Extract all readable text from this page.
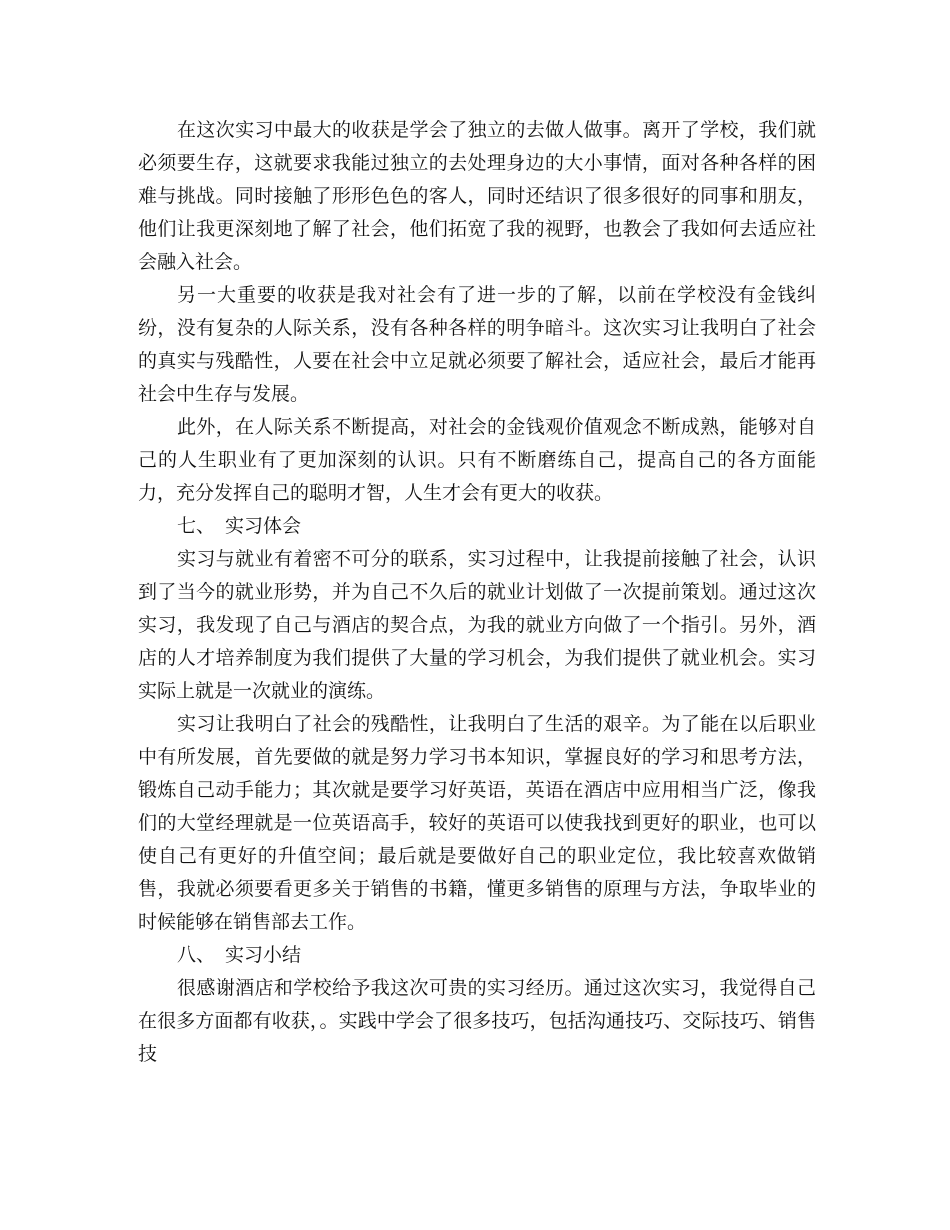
在这次实习中最大的收获是学会了独立的去做人做事。离开了学校，我们就必须要生存，这就要求我能过独立的去处理身边的大小事情，面对各种各样的困难与挑战。同时接触了形形色色的客人，同时还结识了很多很好的同事和朋友，他们让我更深刻地了解了社会，他们拓宽了我的视野，也教会了我如何去适应社会融入社会。

另一大重要的收获是我对社会有了进一步的了解，以前在学校没有金钱纠纷，没有复杂的人际关系，没有各种各样的明争暗斗。这次实习让我明白了社会的真实与残酷性，人要在社会中立足就必须要了解社会，适应社会，最后才能再社会中生存与发展。

此外，在人际关系不断提高，对社会的金钱观价值观念不断成熟，能够对自己的人生职业有了更加深刻的认识。只有不断磨练自己，提高自己的各方面能力，充分发挥自己的聪明才智，人生才会有更大的收获。

七、 实习体会

实习与就业有着密不可分的联系，实习过程中，让我提前接触了社会，认识到了当今的就业形势，并为自己不久后的就业计划做了一次提前策划。通过这次实习，我发现了自己与酒店的契合点，为我的就业方向做了一个指引。另外，酒店的人才培养制度为我们提供了大量的学习机会，为我们提供了就业机会。实习实际上就是一次就业的演练。

实习让我明白了社会的残酷性，让我明白了生活的艰辛。为了能在以后职业中有所发展，首先要做的就是努力学习书本知识，掌握良好的学习和思考方法，锻炼自己动手能力；其次就是要学习好英语，英语在酒店中应用相当广泛，像我们的大堂经理就是一位英语高手，较好的英语可以使我找到更好的职业，也可以使自己有更好的升值空间；最后就是要做好自己的职业定位，我比较喜欢做销售，我就必须要看更多关于销售的书籍，懂更多销售的原理与方法，争取毕业的时候能够在销售部去工作。

八、 实习小结

很感谢酒店和学校给予我这次可贵的实习经历。通过这次实习，我觉得自己在很多方面都有收获，。实践中学会了很多技巧，包括沟通技巧、交际技巧、销售技
